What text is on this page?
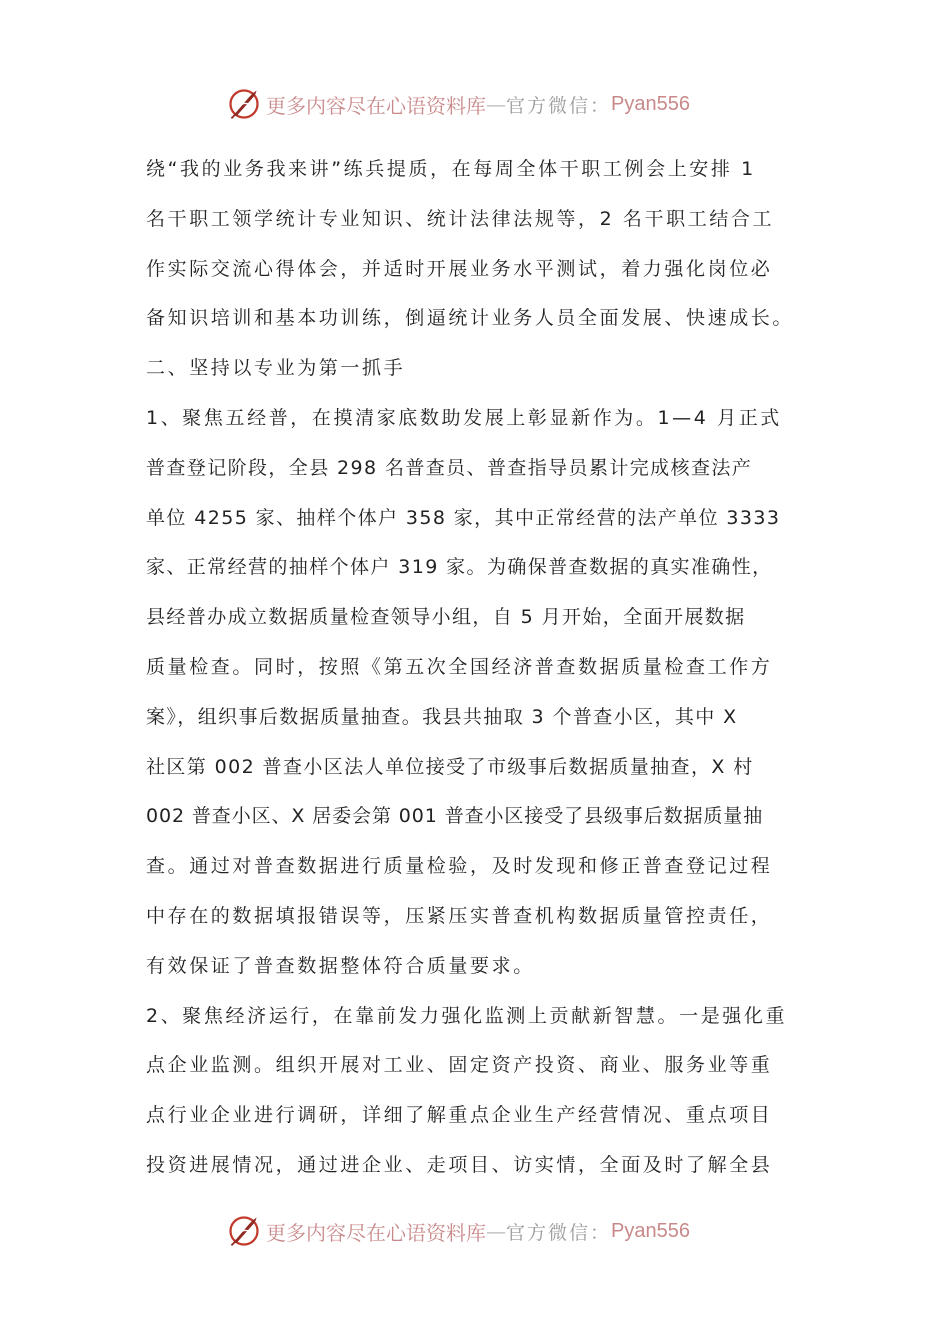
更多内容尽在心语资料库 — 官方微信： Pyan556
绕“我的业务我来讲”练兵提质，在每周全体干职工例会上安排 1
名干职工领学统计专业知识、统计法律法规等，2 名干职工结合工
作实际交流心得体会，并适时开展业务水平测试，着力强化岗位必
备知识培训和基本功训练，倒逼统计业务人员全面发展、快速成长。
二、坚持以专业为第一抓手
1、聚焦五经普，在摸清家底数助发展上彰显新作为。1—4 月正式
普查登记阶段，全县 298 名普查员、普查指导员累计完成核查法产
单位 4255 家、抽样个体户 358 家，其中正常经营的法产单位 3333
家、正常经营的抽样个体户 319 家。为确保普查数据的真实准确性，
县经普办成立数据质量检查领导小组，自 5 月开始，全面开展数据
质量检查。同时，按照《第五次全国经济普查数据质量检查工作方
案》，组织事后数据质量抽查。我县共抽取 3 个普查小区，其中 X
社区第 002 普查小区法人单位接受了市级事后数据质量抽查，X 村
002 普查小区、X 居委会第 001 普查小区接受了县级事后数据质量抽
查。通过对普查数据进行质量检验，及时发现和修正普查登记过程
中存在的数据填报错误等，压紧压实普查机构数据质量管控责任，
有效保证了普查数据整体符合质量要求。
2、聚焦经济运行，在靠前发力强化监测上贡献新智慧。一是强化重
点企业监测。组织开展对工业、固定资产投资、商业、服务业等重
点行业企业进行调研，详细了解重点企业生产经营情况、重点项目
投资进展情况，通过进企业、走项目、访实情，全面及时了解全县
更多内容尽在心语资料库 — 官方微信： Pyan556
